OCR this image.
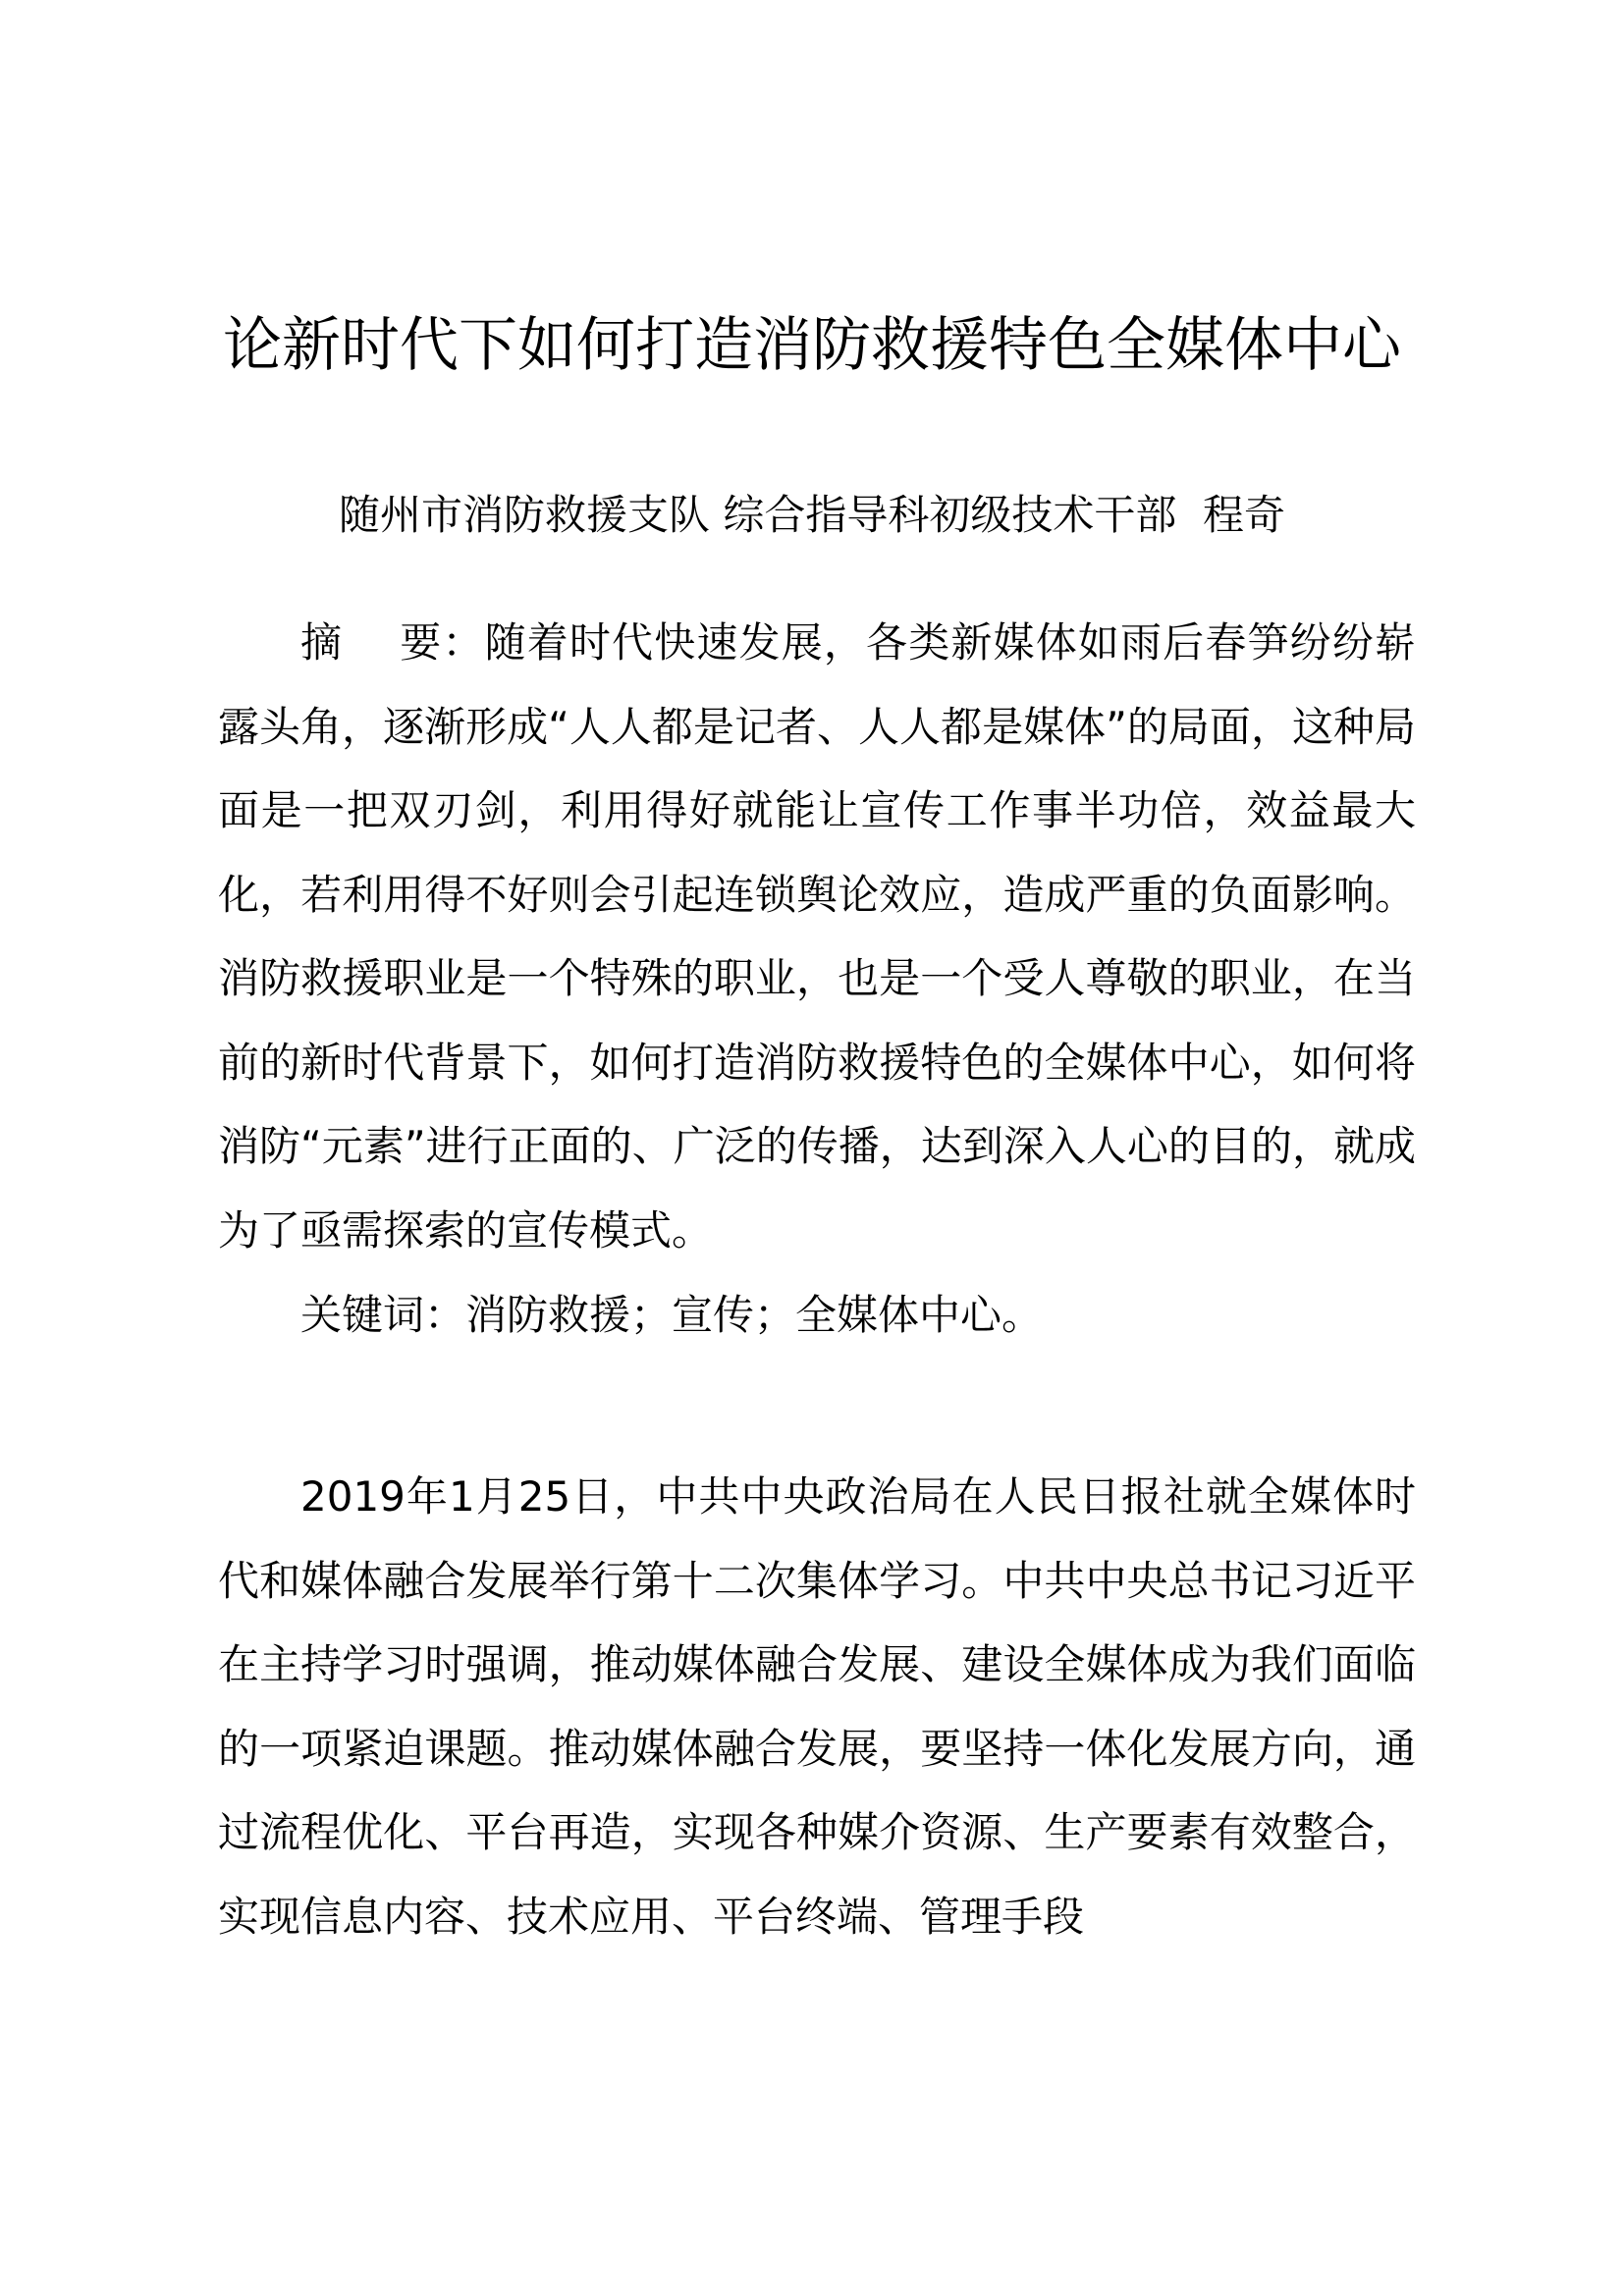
论新时代下如何打造消防救援特色全媒体中心

随州市消防救援支队 综合指导科初级技术干部  程奇

摘    要：随着时代快速发展，各类新媒体如雨后春笋纷纷崭露头角，逐渐形成“人人都是记者、人人都是媒体”的局面，这种局面是一把双刃剑，利用得好就能让宣传工作事半功倍，效益最大化，若利用得不好则会引起连锁舆论效应，造成严重的负面影响。消防救援职业是一个特殊的职业，也是一个受人尊敬的职业，在当前的新时代背景下，如何打造消防救援特色的全媒体中心，如何将消防“元素”进行正面的、广泛的传播，达到深入人心的目的，就成为了亟需探索的宣传模式。

关键词：消防救援；宣传；全媒体中心。

2019年1月25日，中共中央政治局在人民日报社就全媒体时代和媒体融合发展举行第十二次集体学习。中共中央总书记习近平在主持学习时强调，推动媒体融合发展、建设全媒体成为我们面临的一项紧迫课题。推动媒体融合发展，要坚持一体化发展方向，通过流程优化、平台再造，实现各种媒介资源、生产要素有效整合，实现信息内容、技术应用、平台终端、管理手段
